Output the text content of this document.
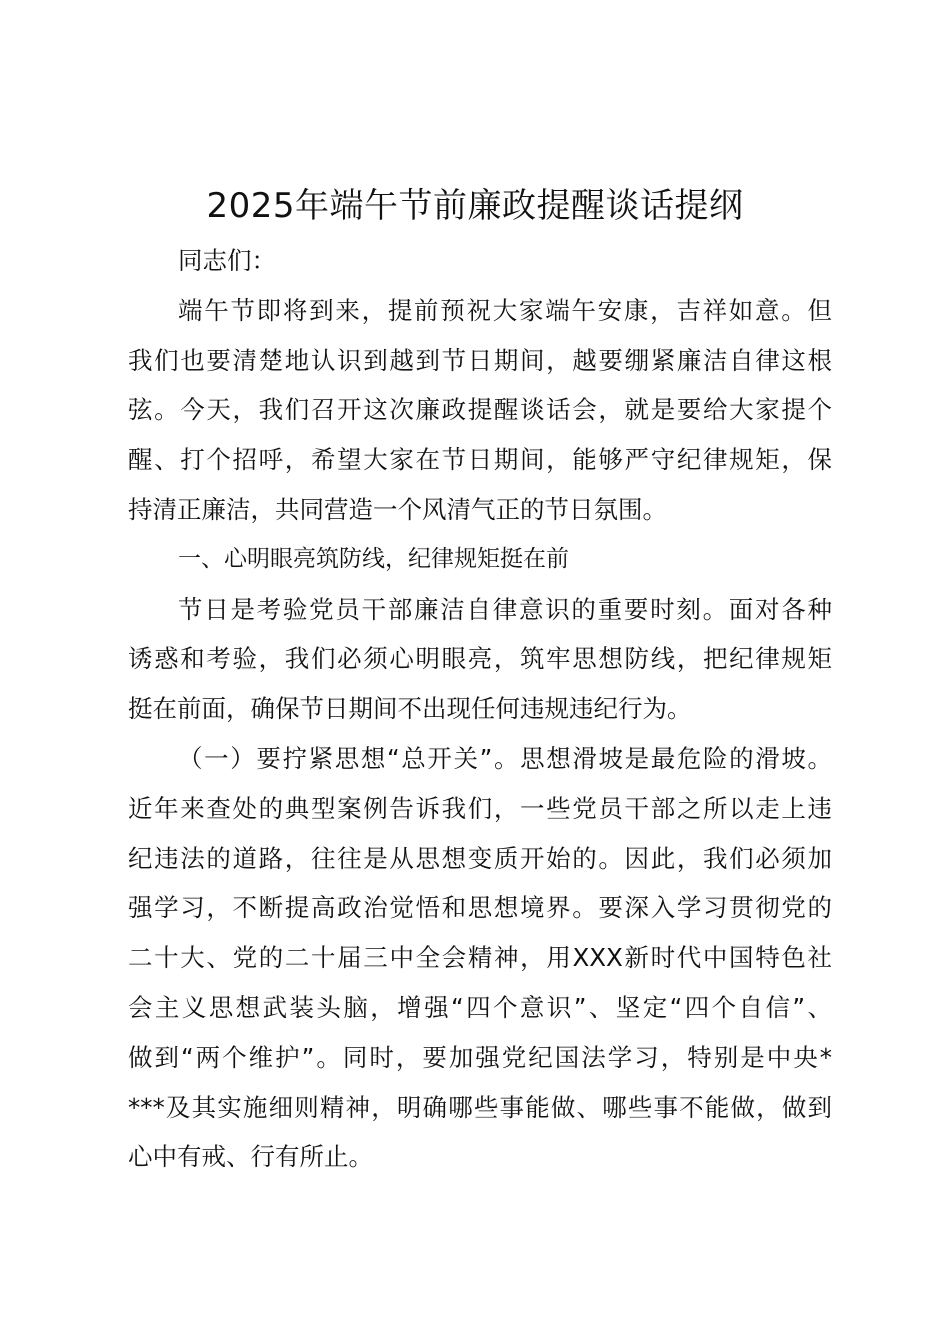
2025年端午节前廉政提醒谈话提纲
同志们：
端午节即将到来，提前预祝大家端午安康，吉祥如意。但
我们也要清楚地认识到越到节日期间，越要绷紧廉洁自律这根
弦。今天，我们召开这次廉政提醒谈话会，就是要给大家提个
醒、打个招呼，希望大家在节日期间，能够严守纪律规矩，保
持清正廉洁，共同营造一个风清气正的节日氛围。
一、心明眼亮筑防线，纪律规矩挺在前
节日是考验党员干部廉洁自律意识的重要时刻。面对各种
诱惑和考验，我们必须心明眼亮，筑牢思想防线，把纪律规矩
挺在前面，确保节日期间不出现任何违规违纪行为。
（一）要拧紧思想“总开关”。思想滑坡是最危险的滑坡。
近年来查处的典型案例告诉我们，一些党员干部之所以走上违
纪违法的道路，往往是从思想变质开始的。因此，我们必须加
强学习，不断提高政治觉悟和思想境界。要深入学习贯彻党的
二十大、党的二十届三中全会精神，用XXX新时代中国特色社
会主义思想武装头脑，增强“四个意识”、坚定“四个自信”、
做到“两个维护”。同时，要加强党纪国法学习，特别是中央*
***及其实施细则精神，明确哪些事能做、哪些事不能做，做到
心中有戒、行有所止。
